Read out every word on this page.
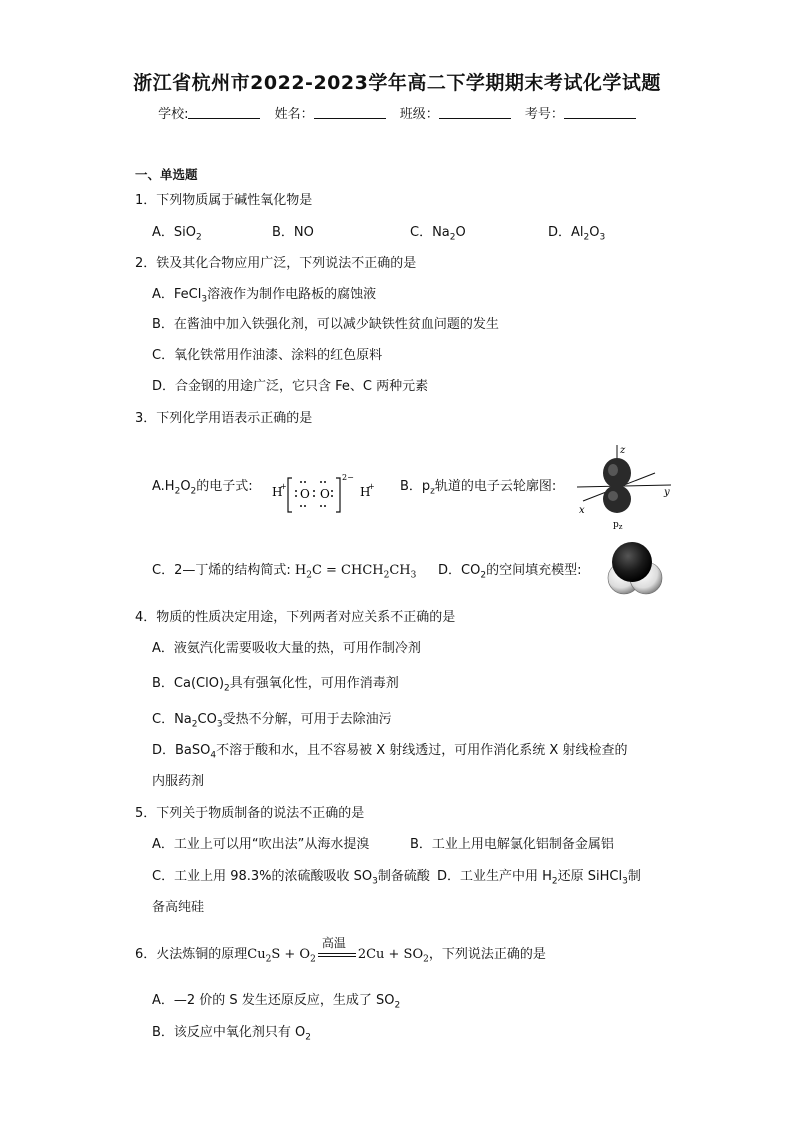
浙江省杭州市2022-2023学年高二下学期期末考试化学试题
学校:	姓名：	班级：	考号：
一、单选题
1．下列物质属于碱性氧化物是
A．SiO$_2$	B．NO	C．$Na_2O$	D．$Al_2O_3$
2．铁及其化合物应用广泛，下列说法不正确的是
A．FeCl$_3$溶液作为制作电路板的腐蚀液
B．在酱油中加入铁强化剂，可以减少缺铁性贫血问题的发生
C．氧化铁常用作油漆、涂料的红色原料
D．合金钢的用途广泛，它只含 Fe、C 两种元素
3．下列化学用语表示正确的是
$A.H_2O_2$的电子式: H
+
O O
2−
H
+ B．$p_z$轨道的电子云轮廓图:
z
y
x
$p_z$
C．2—丁烯的结构简式: $H_2C$ = $CHCH_2CH_3$ D．$CO_2$的空间填充模型:
4．物质的性质决定用途，下列两者对应关系不正确的是
A．液氨汽化需要吸收大量的热，可用作制冷剂
B．$Ca(ClO)_2$具有强氧化性，可用作消毒剂
C．$Na_2CO_3$受热不分解，可用于去除油污
D．BaSO$_4$不溶于酸和水，且不容易被 X 射线透过，可用作消化系统 X 射线检查的
内服药剂
5．下列关于物质制备的说法不正确的是
A．工业上可以用“吹出法”从海水提溴	B．工业上用电解氯化铝制备金属铝
C．工业上用 98.3%的浓硫酸吸收 $SO_3$制备硫酸 D．工业生产中用 $H_2$还原 SiHCl$_3$制
备高纯硅
6．火法炼铜的原理$Cu_2S + O_2$
高温
$2Cu + SO_2$，下列说法正确的是
A．—2 价的 S 发生还原反应，生成了 $SO_2$
B．该反应中氧化剂只有 $O_2$
